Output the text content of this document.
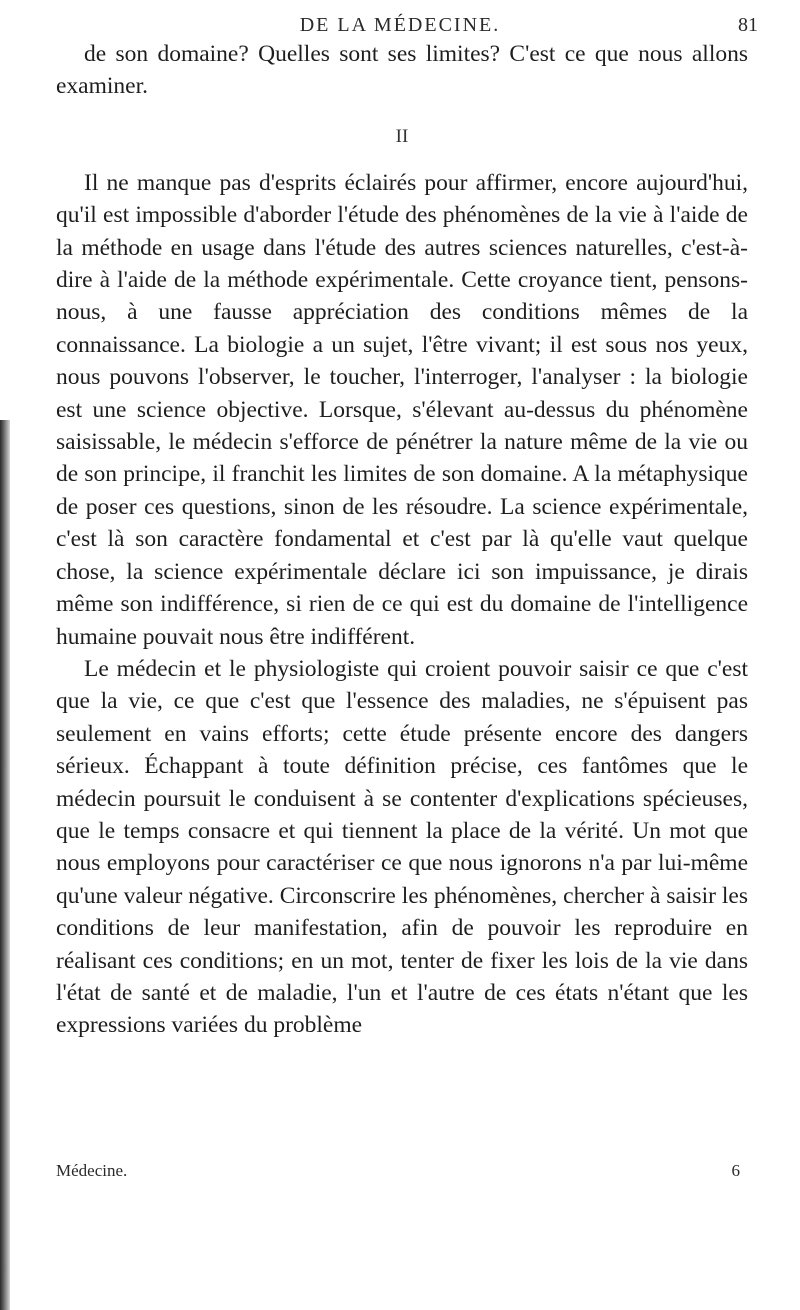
DE LA MÉDECINE.	81

de son domaine? Quelles sont ses limites? C'est ce que nous allons examiner.

II

Il ne manque pas d'esprits éclairés pour affirmer, encore aujourd'hui, qu'il est impossible d'aborder l'étude des phénomènes de la vie à l'aide de la méthode en usage dans l'étude des autres sciences naturelles, c'est-à-dire à l'aide de la méthode expérimentale. Cette croyance tient, pensons-nous, à une fausse appréciation des conditions mêmes de la connaissance. La biologie a un sujet, l'être vivant; il est sous nos yeux, nous pouvons l'observer, le toucher, l'interroger, l'analyser : la biologie est une science objective. Lorsque, s'élevant au-dessus du phénomène saisissable, le médecin s'efforce de pénétrer la nature même de la vie ou de son principe, il franchit les limites de son domaine. A la métaphysique de poser ces questions, sinon de les résoudre. La science expérimentale, c'est là son caractère fondamental et c'est par là qu'elle vaut quelque chose, la science expérimentale déclare ici son impuissance, je dirais même son indifférence, si rien de ce qui est du domaine de l'intelligence humaine pouvait nous être indifférent.

Le médecin et le physiologiste qui croient pouvoir saisir ce que c'est que la vie, ce que c'est que l'essence des maladies, ne s'épuisent pas seulement en vains efforts; cette étude présente encore des dangers sérieux. Échappant à toute définition précise, ces fantômes que le médecin poursuit le conduisent à se contenter d'explications spécieuses, que le temps consacre et qui tiennent la place de la vérité. Un mot que nous employons pour caractériser ce que nous ignorons n'a par lui-même qu'une valeur négative. Circonscrire les phénomènes, chercher à saisir les conditions de leur manifestation, afin de pouvoir les reproduire en réalisant ces conditions; en un mot, tenter de fixer les lois de la vie dans l'état de santé et de maladie, l'un et l'autre de ces états n'étant que les expressions variées du problème

Médecine.	6
